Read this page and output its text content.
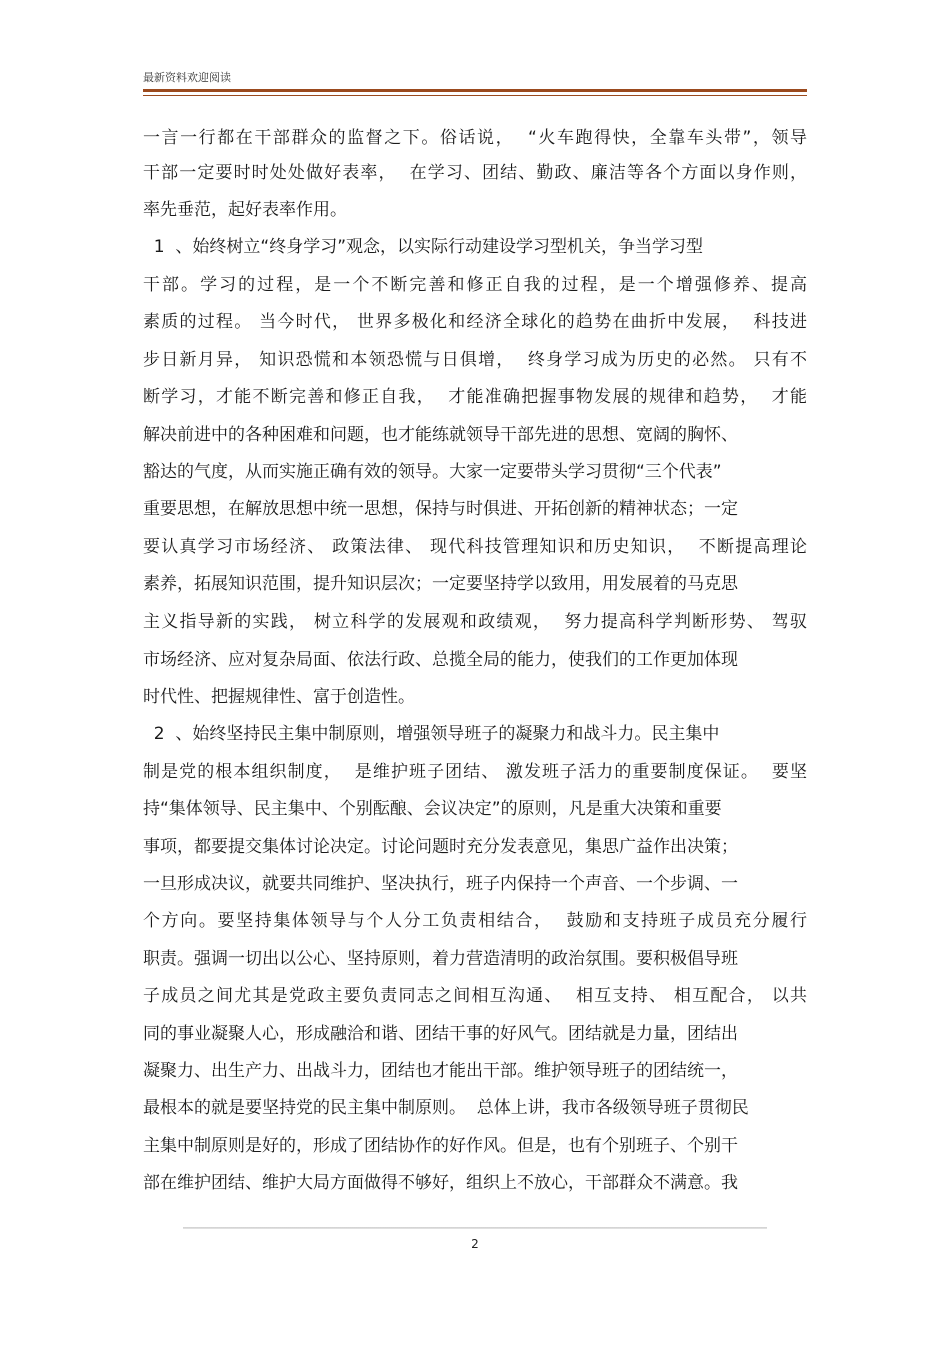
最新资料欢迎阅读
一言一行都在干部群众的监督之下。俗话说，  “火车跑得快，全靠车头带”，领导
干部一定要时时处处做好表率，  在学习、团结、勤政、廉洁等各个方面以身作则，
率先垂范，起好表率作用。
1  、始终树立“终身学习”观念，以实际行动建设学习型机关，争当学习型
干部。学习的过程，是一个不断完善和修正自我的过程，是一个增强修养、提高
素质的过程。 当今时代， 世界多极化和经济全球化的趋势在曲折中发展，  科技进
步日新月异， 知识恐慌和本领恐慌与日俱增，  终身学习成为历史的必然。 只有不
断学习，才能不断完善和修正自我，  才能准确把握事物发展的规律和趋势，  才能
解决前进中的各种困难和问题，也才能练就领导干部先进的思想、宽阔的胸怀、
豁达的气度，从而实施正确有效的领导。大家一定要带头学习贯彻“三个代表”
重要思想，在解放思想中统一思想，保持与时俱进、开拓创新的精神状态；一定
要认真学习市场经济、 政策法律、 现代科技管理知识和历史知识，  不断提高理论
素养，拓展知识范围，提升知识层次；一定要坚持学以致用，用发展着的马克思
主义指导新的实践， 树立科学的发展观和政绩观，  努力提高科学判断形势、 驾驭
市场经济、应对复杂局面、依法行政、总揽全局的能力，使我们的工作更加体现
时代性、把握规律性、富于创造性。
2  、始终坚持民主集中制原则，增强领导班子的凝聚力和战斗力。民主集中
制是党的根本组织制度，  是维护班子团结、 激发班子活力的重要制度保证。  要坚
持“集体领导、民主集中、个别酝酿、会议决定”的原则，凡是重大决策和重要
事项，都要提交集体讨论决定。讨论问题时充分发表意见，集思广益作出决策；
一旦形成决议，就要共同维护、坚决执行，班子内保持一个声音、一个步调、一
个方向。要坚持集体领导与个人分工负责相结合，  鼓励和支持班子成员充分履行
职责。强调一切出以公心、坚持原则，着力营造清明的政治氛围。要积极倡导班
子成员之间尤其是党政主要负责同志之间相互沟通、  相互支持、 相互配合， 以共
同的事业凝聚人心，形成融洽和谐、团结干事的好风气。团结就是力量，团结出
凝聚力、出生产力、出战斗力，团结也才能出干部。维护领导班子的团结统一，
最根本的就是要坚持党的民主集中制原则。  总体上讲，我市各级领导班子贯彻民
主集中制原则是好的，形成了团结协作的好作风。但是，也有个别班子、个别干
部在维护团结、维护大局方面做得不够好，组织上不放心，干部群众不满意。我
2
